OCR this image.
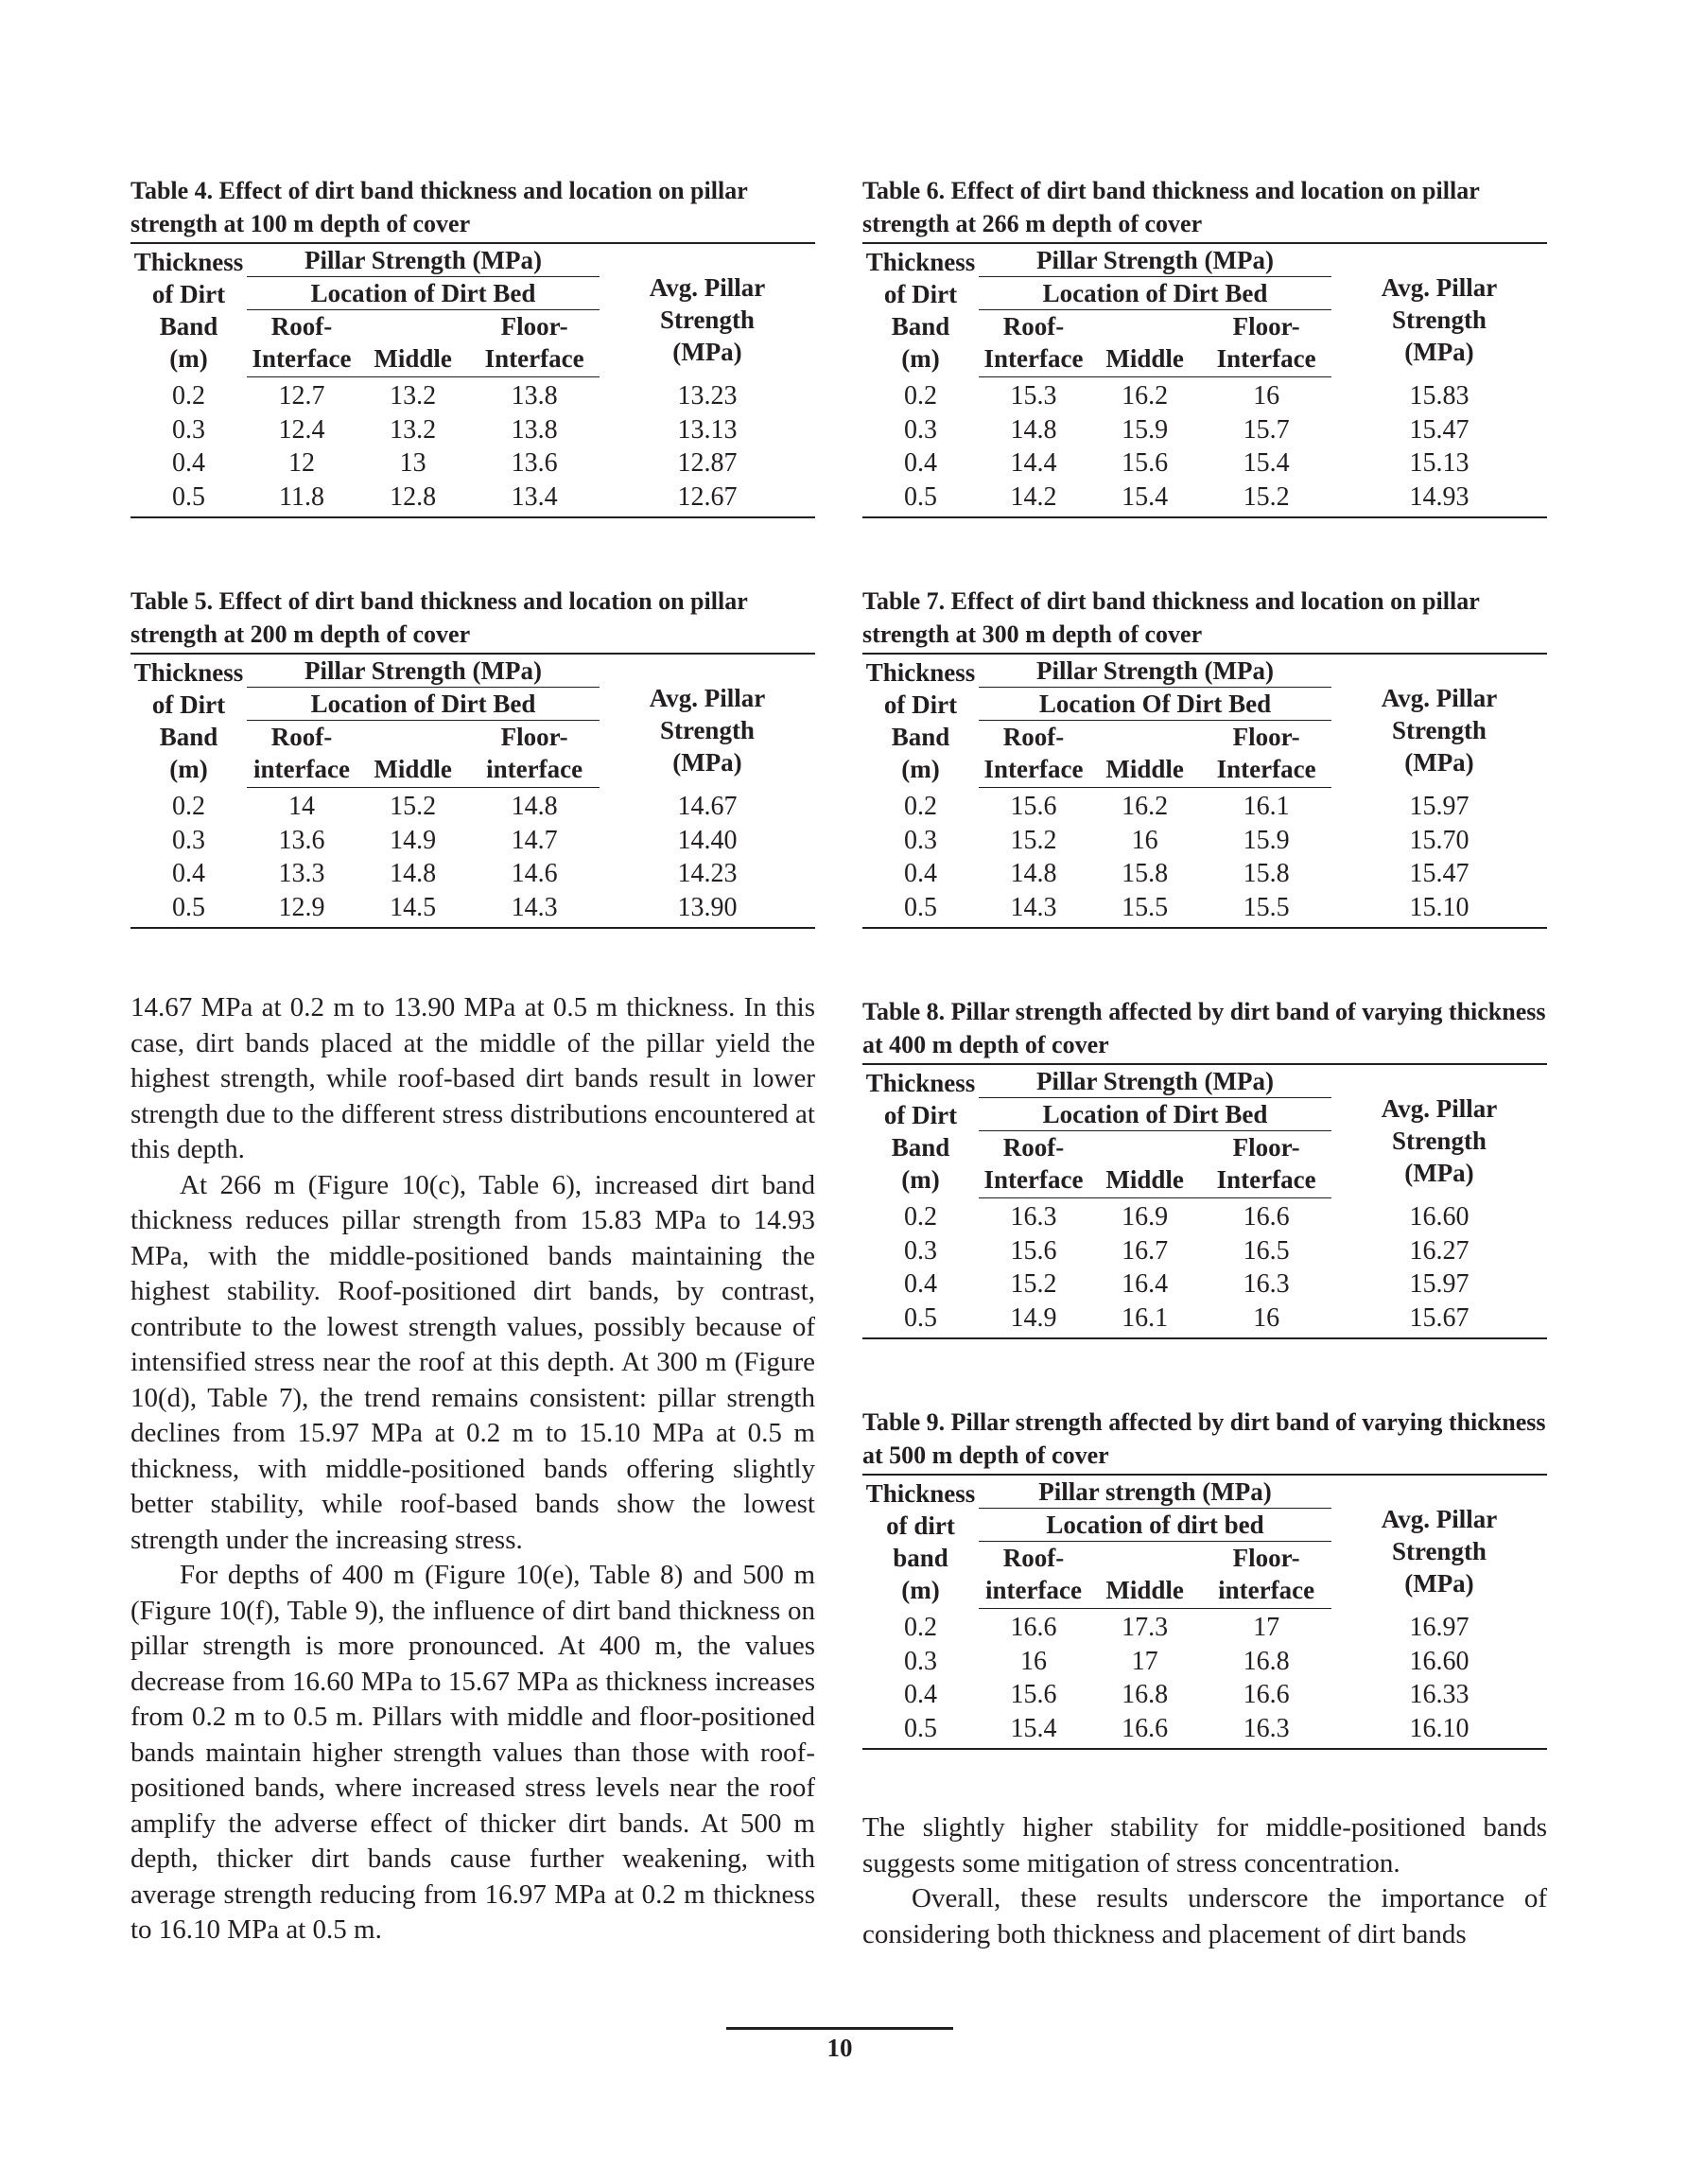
Table 4. Effect of dirt band thickness and location on pillar strength at 100 m depth of cover
Thickness
of Dirt
Band
(m)	Pillar Strength (MPa)			Avg. Pillar
Strength
(MPa)

	Location of Dirt Bed			

	Roof-
Interface	Middle	Floor-
Interface	

0.2	12.7	13.2	13.8	13.23
0.3	12.4	13.2	13.8	13.13
0.4	12	13	13.6	12.87
0.5	11.8	12.8	13.4	12.67
Table 5. Effect of dirt band thickness and location on pillar strength at 200 m depth of cover
Thickness
of Dirt
Band
(m)	Pillar Strength (MPa)			Avg. Pillar
Strength
(MPa)

	Location of Dirt Bed			

	Roof-
interface	Middle	Floor-
interface	

0.2	14	15.2	14.8	14.67
0.3	13.6	14.9	14.7	14.40
0.4	13.3	14.8	14.6	14.23
0.5	12.9	14.5	14.3	13.90
Table 6. Effect of dirt band thickness and location on pillar strength at 266 m depth of cover
Thickness
of Dirt
Band
(m)	Pillar Strength (MPa)			Avg. Pillar
Strength
(MPa)

	Location of Dirt Bed			

	Roof-
Interface	Middle	Floor-
Interface	

0.2	15.3	16.2	16	15.83
0.3	14.8	15.9	15.7	15.47
0.4	14.4	15.6	15.4	15.13
0.5	14.2	15.4	15.2	14.93
Table 7. Effect of dirt band thickness and location on pillar strength at 300 m depth of cover
Thickness
of Dirt
Band
(m)	Pillar Strength (MPa)			Avg. Pillar
Strength
(MPa)

	Location Of Dirt Bed			

	Roof-
Interface	Middle	Floor-
Interface	

0.2	15.6	16.2	16.1	15.97
0.3	15.2	16	15.9	15.70
0.4	14.8	15.8	15.8	15.47
0.5	14.3	15.5	15.5	15.10
Table 8. Pillar strength affected by dirt band of varying thickness at 400 m depth of cover
Thickness
of Dirt
Band
(m)	Pillar Strength (MPa)			Avg. Pillar
Strength
(MPa)

	Location of Dirt Bed			

	Roof-
Interface	Middle	Floor-
Interface	

0.2	16.3	16.9	16.6	16.60
0.3	15.6	16.7	16.5	16.27
0.4	15.2	16.4	16.3	15.97
0.5	14.9	16.1	16	15.67
Table 9. Pillar strength affected by dirt band of varying thickness at 500 m depth of cover
Thickness
of dirt
band
(m)	Pillar strength (MPa)			Avg. Pillar
Strength
(MPa)

	Location of dirt bed			

	Roof-
interface	Middle	Floor-
interface	

0.2	16.6	17.3	17	16.97
0.3	16	17	16.8	16.60
0.4	15.6	16.8	16.6	16.33
0.5	15.4	16.6	16.3	16.10

14.67 MPa at 0.2 m to 13.90 MPa at 0.5 m thickness. In this case, dirt bands placed at the middle of the pillar yield the highest strength, while roof-based dirt bands result in lower strength due to the different stress distributions encountered at this depth.

At 266 m (Figure 10(c), Table 6), increased dirt band thickness reduces pillar strength from 15.83 MPa to 14.93 MPa, with the middle-positioned bands maintaining the highest stability. Roof-positioned dirt bands, by contrast, contribute to the lowest strength values, possibly because of intensified stress near the roof at this depth. At 300 m (Figure 10(d), Table 7), the trend remains consistent: pillar strength declines from 15.97 MPa at 0.2 m to 15.10 MPa at 0.5 m thickness, with middle-positioned bands offering slightly better stability, while roof-based bands show the lowest strength under the increasing stress.

For depths of 400 m (Figure 10(e), Table 8) and 500 m (Figure 10(f), Table 9), the influence of dirt band thickness on pillar strength is more pronounced. At 400 m, the values decrease from 16.60 MPa to 15.67 MPa as thickness increases from 0.2 m to 0.5 m. Pillars with middle and floor-positioned bands maintain higher strength values than those with roof-positioned bands, where increased stress levels near the roof amplify the adverse effect of thicker dirt bands. At 500 m depth, thicker dirt bands cause further weakening, with average strength reducing from 16.97 MPa at 0.2 m thickness to 16.10 MPa at 0.5 m.

The slightly higher stability for middle-positioned bands suggests some mitigation of stress concentration.

Overall, these results underscore the importance of considering both thickness and placement of dirt bands

10
